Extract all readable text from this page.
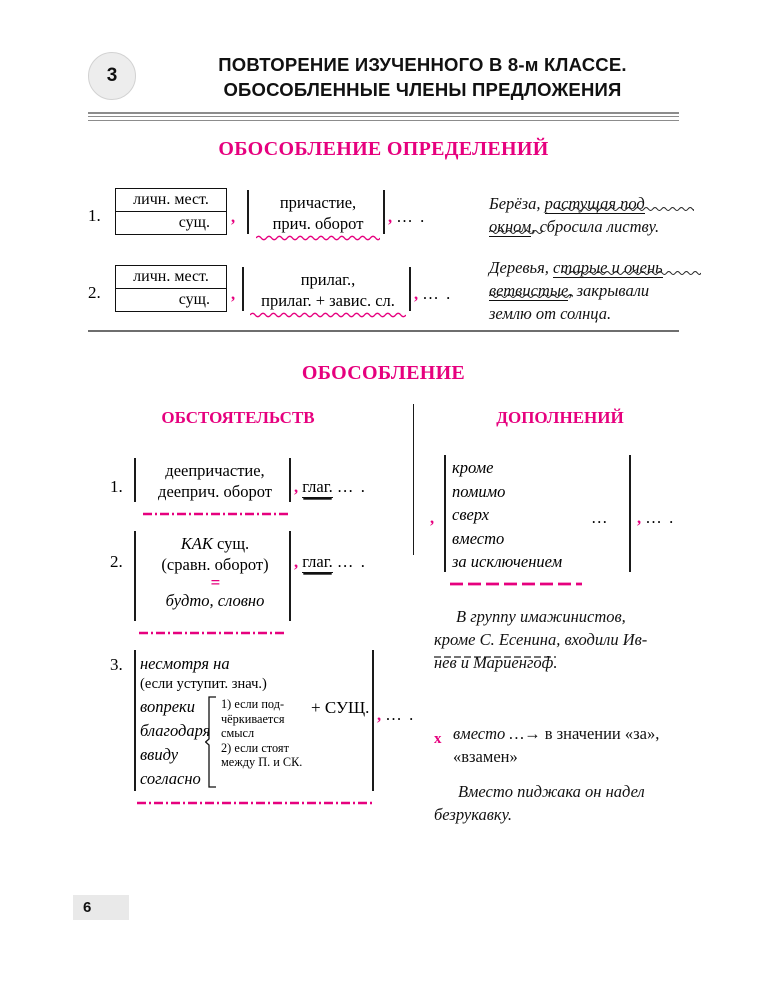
3
ПОВТОРЕНИЕ ИЗУЧЕННОГО В 8-м КЛАССЕ.
ОБОСОБЛЕННЫЕ ЧЛЕНЫ ПРЕДЛОЖЕНИЯ
ОБОСОБЛЕНИЕ ОПРЕДЕЛЕНИЙ
1.
личн. мест.
сущ.	,
причастие,
прич. оборот	, … .
Берёза, растущая под
окном, сбросила листву.
2.
личн. мест.
сущ.	,
прилаг.,
прилаг. + завис. сл.	, … .
Деревья, старые и очень
ветвистые, закрывали
землю от солнца.
ОБОСОБЛЕНИЕ
ОБСТОЯТЕЛЬСТВ	ДОПОЛНЕНИЙ
1.
деепричастие,
дееприч. оборот	, глаг. … .
2.
КАК сущ.
(сравн. оборот)
=
будто, словно
, глаг. … .
3. несмотря на
(если уступит. знач.)
вопреки
благодаря
ввиду
согласно
1) если под-
чёркивается
смысл
2) если стоят
между П. и СК.
+ СУЩ. , … .
,
кроме
помимо
сверх
вместо
за исключением
… , … .
В группу имажинистов,
кроме С. Есенина, входили Ив-
нев и Мариенгоф.
x вместо …→ в значении «за»,
«взамен»
Вместо пиджака он надел
безрукавку.
6
